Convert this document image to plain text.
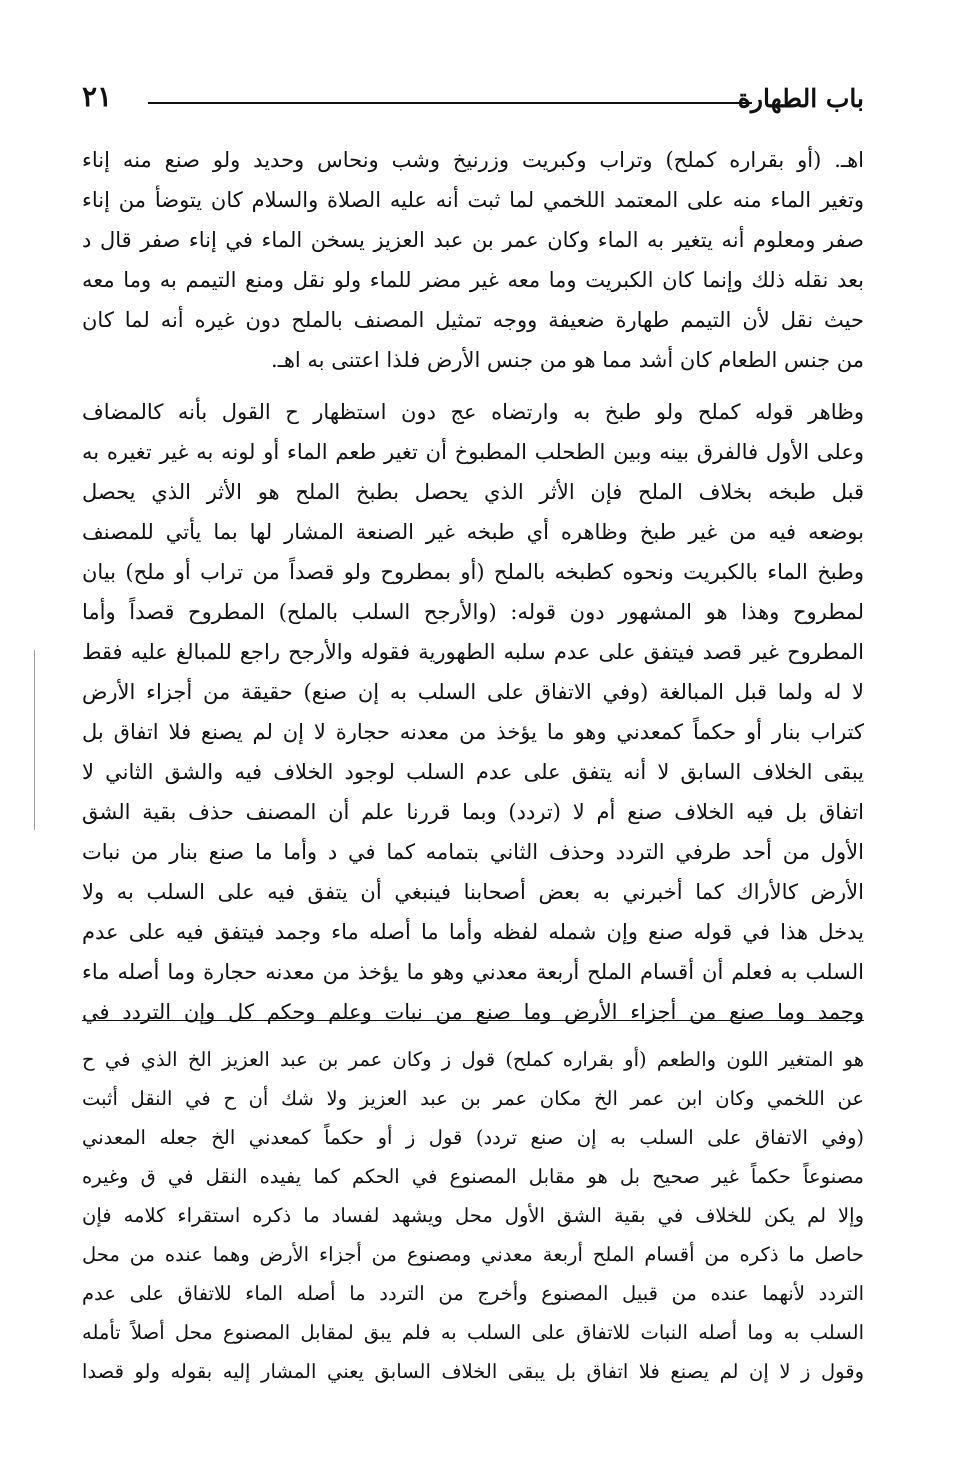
باب الطهارة
٢١
اهـ. (أو بقراره كملح) وتراب وكبريت وزرنيخ وشب ونحاس وحديد ولو صنع منه إناء
وتغير الماء منه على المعتمد اللخمي لما ثبت أنه عليه الصلاة والسلام كان يتوضأ من إناء
صفر ومعلوم أنه يتغير به الماء وكان عمر بن عبد العزيز يسخن الماء في إناء صفر قال د
بعد نقله ذلك وإنما كان الكبريت وما معه غير مضر للماء ولو نقل ومنع التيمم به وما معه
حيث نقل لأن التيمم طهارة ضعيفة ووجه تمثيل المصنف بالملح دون غيره أنه لما كان
من جنس الطعام كان أشد مما هو من جنس الأرض فلذا اعتنى به اهـ.
وظاهر قوله كملح ولو طبخ به وارتضاه عج دون استظهار ح القول بأنه كالمضاف
وعلى الأول فالفرق بينه وبين الطحلب المطبوخ أن تغير طعم الماء أو لونه به غير تغيره به
قبل طبخه بخلاف الملح فإن الأثر الذي يحصل بطبخ الملح هو الأثر الذي يحصل
بوضعه فيه من غير طبخ وظاهره أي طبخه غير الصنعة المشار لها بما يأتي للمصنف
وطبخ الماء بالكبريت ونحوه كطبخه بالملح (أو بمطروح ولو قصداً من تراب أو ملح) بيان
لمطروح وهذا هو المشهور دون قوله: (والأرجح السلب بالملح) المطروح قصداً وأما
المطروح غير قصد فيتفق على عدم سلبه الطهورية فقوله والأرجح راجع للمبالغ عليه فقط
لا له ولما قبل المبالغة (وفي الاتفاق على السلب به إن صنع) حقيقة من أجزاء الأرض
كتراب بنار أو حكماً كمعدني وهو ما يؤخذ من معدنه حجارة لا إن لم يصنع فلا اتفاق بل
يبقى الخلاف السابق لا أنه يتفق على عدم السلب لوجود الخلاف فيه والشق الثاني لا
اتفاق بل فيه الخلاف صنع أم لا (تردد) وبما قررنا علم أن المصنف حذف بقية الشق
الأول من أحد طرفي التردد وحذف الثاني بتمامه كما في د وأما ما صنع بنار من نبات
الأرض كالأراك كما أخبرني به بعض أصحابنا فينبغي أن يتفق فيه على السلب به ولا
يدخل هذا في قوله صنع وإن شمله لفظه وأما ما أصله ماء وجمد فيتفق فيه على عدم
السلب به فعلم أن أقسام الملح أربعة معدني وهو ما يؤخذ من معدنه حجارة وما أصله ماء
وجمد وما صنع من أجزاء الأرض وما صنع من نبات وعلم وحكم كل وإن التردد في
هو المتغير اللون والطعم (أو بقراره كملح) قول ز وكان عمر بن عبد العزيز الخ الذي في ح
عن اللخمي وكان ابن عمر الخ مكان عمر بن عبد العزيز ولا شك أن ح في النقل أثبت
(وفي الاتفاق على السلب به إن صنع تردد) قول ز أو حكماً كمعدني الخ جعله المعدني
مصنوعاً حكماً غير صحيح بل هو مقابل المصنوع في الحكم كما يفيده النقل في ق وغيره
وإلا لم يكن للخلاف في بقية الشق الأول محل ويشهد لفساد ما ذكره استقراء كلامه فإن
حاصل ما ذكره من أقسام الملح أربعة معدني ومصنوع من أجزاء الأرض وهما عنده من محل
التردد لأنهما عنده من قبيل المصنوع وأخرج من التردد ما أصله الماء للاتفاق على عدم
السلب به وما أصله النبات للاتفاق على السلب به فلم يبق لمقابل المصنوع محل أصلاً تأمله
وقول ز لا إن لم يصنع فلا اتفاق بل يبقى الخلاف السابق يعني المشار إليه بقوله ولو قصدا
